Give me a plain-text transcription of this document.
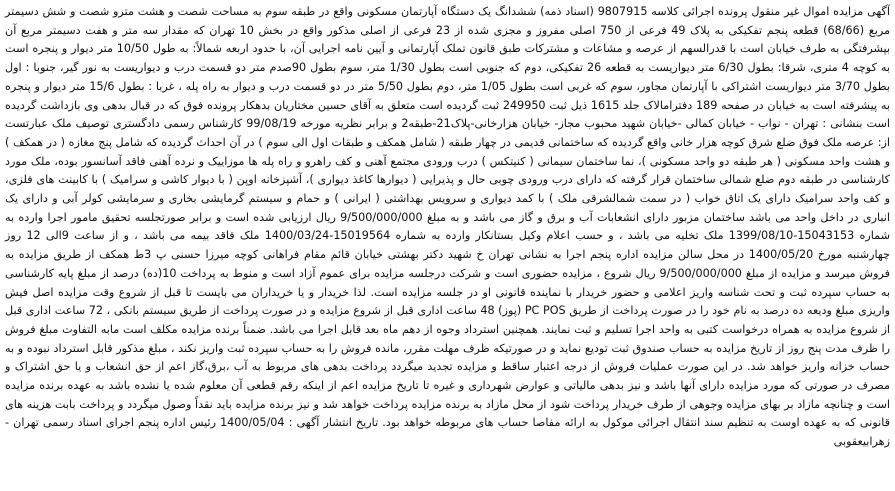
آگهی مزایده اموال غیر منقول پرونده اجرائی کلاسه 9807915 (اسناد ذمه) ششدانگ یک دستگاه آپارتمان مسکونی واقع در طبقه سوم به مساحت شصت و هشت مترو شصت و شش دسیمتر مربع (68/66) قطعه پنجم تفکیکی به پلاک 49 فرعی از 750 اصلی مفروز و مجزی شده از 23 فرعی از اصلی مذکور واقع در بخش 10 تهران که مقدار سه متر و هفت دسیمتر مربع آن بپشرفتگی به طرف خیابان است با قدرالسهم از عرصه و مشاعات و مشترکات طبق قانون تملک آپارتمانی و آیین نامه اجرایی آن، با حدود اربعه شمالاً: به طول 10/50 متر دیوار و پنجره است به کوچه 4 متری، شرقا: بطول 6/30 متر دیواریست به قطعه 26 تفکیکی، دوم که جنوبی است بطول 1/30 متر، سوم بطول 90صدم متر دو قسمت درب و دیواریست به نور گیر، جنوبا : اول بطول 3/70 متر دیواریست اشتراکی با آپارتمان مجاور، سوم که غربی است بطول 1/05 متر، دوم بطول 5/50 متر در دو قسمت درب و دیوار به راه پله ، غربا : بطول 15/6 متر دیوار و پنجره به پیشرفته است به خیابان در صفحه 189 دفترامالاک جلد 1615 ذیل ثبت 249950 ثبت گردیده است متعلق به آقای حسین مختاریان بدهکار پرونده فوق که در قبال بدهی وی بازداشت گردیده است بنشانی : تهران - نواب - خیابان کمالی -خیابان شهید محبوب مجاز- خیابان هزارخانی-پلاک21-طبقه2 و برابر نظریه مورخه 99/08/19 کارشناس رسمی دادگستری توصیف ملک عبارتست از: عرصه ملک فوق ضلع شرق کوچه هزار خانی واقع گردیده که ساختمانی قدیمی در چهار طبقه ( شامل همکف و طبقات اول الی سوم ) در آن احداث گردیده که شامل پنج مغازه ( در همکف ) و هشت واحد مسکونی ( هر طبقه دو واحد مسکونی )، نما ساختمان سیمانی ( کنیتکس ) درب ورودی مجتمع آهنی و کف راهرو و راه پله ها موزاییک و نرده آهنی فاقد آسانسور بوده، ملک مورد کارشناسی در طبقه دوم ضلع شمالی ساختمان قرار گرفته که دارای درب ورودی چوبی حال و پذیرایی ( دیوارها کاغذ دیواری )، آشپزخانه اوپن ( با دیوار کاشی و سرامیک ) با کابینت های فلزی، و کف واحد سرامیک دارای یک اتاق خواب ( در سمت شمالشرقی ملک ) با کمد دیواری و سرویس بهداشتی ( ایرانی ) و حمام و سیستم گرمایشی بخاری و سرمایشی کولر آبی و دارای یک انباری در داخل واحد می باشد ساختمان مزبور دارای انشعابات آب و برق و گاز می باشد و به مبلغ 9/500/000/000 ریال ارزیابی شده است و برابر صورتجلسه تحقیق مامور اجرا وارده به شماره 15043153-1399/08/10 ملک تخلیه می باشد ، و حسب اعلام وکیل بستانکار وارده به شماره 15019564-1400/03/24 ملک فاقد بیمه می باشد ، و از ساعت 9الی 12 روز چهارشنبه مورخ 1400/05/20 در محل سالن مزایده اداره پنجم اجرا به نشانی تهران خ شهید دکتر بهشتی خیابان قائم مقام فراهانی کوچه میرزا حسنی پ 3ط همکف از طریق مزایده به فروش میرسد و مزایده از مبلغ 9/500/000/000 ریال شروع ، مزایده حضوری است و شرکت درجلسه مزایده برای عموم آزاد است و منوط به پرداخت 10(ده) درصد از مبلغ پایه کارشناسی به حساب سپرده ثبت و تحت شناسه واریز اعلامی و حضور خریدار با نماینده قانونی او در جلسه مزایده است. لذا خریدار و یا خریداران می بایست تا قبل از شروع وقت مزایده اصل فیش واریزی مبلغ ودیعه ده درصد به نام خود را در صورت پرداخت از طریق PC POS (پوز) 48 ساعت اداری قبل از شروع مزایده و در صورت پرداخت از طریق سیستم بانکی ، 72 ساعت اداری قبل از شروع مزایده به همراه درخواست کتبی به واحد اجرا تسلیم و ثبت نمایند. همچنین استرداد وجوه از دهم ماه بعد قابل اجرا می باشد. ضمناً برنده مزایده مکلف است مابه التفاوت مبلغ فروش را ظرف مدت پنج روز از تاریخ مزایده به حساب صندوق ثبت تودیع نماید و در صورتیکه ظرف مهلت مقرر، مانده فروش را به حساب سپرده ثبت واریز نکند ، مبلغ مذکور قابل استرداد نبوده و به حساب خزانه واریز خواهد شد. در این صورت عملیات فروش از درجه اعتبار ساقط و مزایده تجدید میگردد پرداخت بدهی های مربوط به آب ،برق،گاز اعم از حق انشعاب و یا حق اشتراک و مصرف در صورتی که مورد مزایده دارای آنها باشد و نیز بدهی مالیاتی و عوارض شهرداری و غیره تا تاریخ مزایده اعم از اینکه رقم قطعی آن معلوم شده یا نشده باشد به عهده برنده مزایده است و چنانچه مازاد بر بهای مزایده وجوهی از طرف خریدار پرداخت شود از محل مازاد به برنده مزایده پرداخت خواهد شد و نیز برنده مزایده باید نقداً وصول میگردد و پرداخت بابت هزینه های قانونی که به عهده اوست به تنظیم سند انتقال اجرائی موکول به ارائه مفاصا حساب های مربوطه خواهد بود. تاریخ انتشار آگهی : 1400/05/04 رئیس اداره پنجم اجرای اسناد رسمی تهران - زهرابیعقوبی
